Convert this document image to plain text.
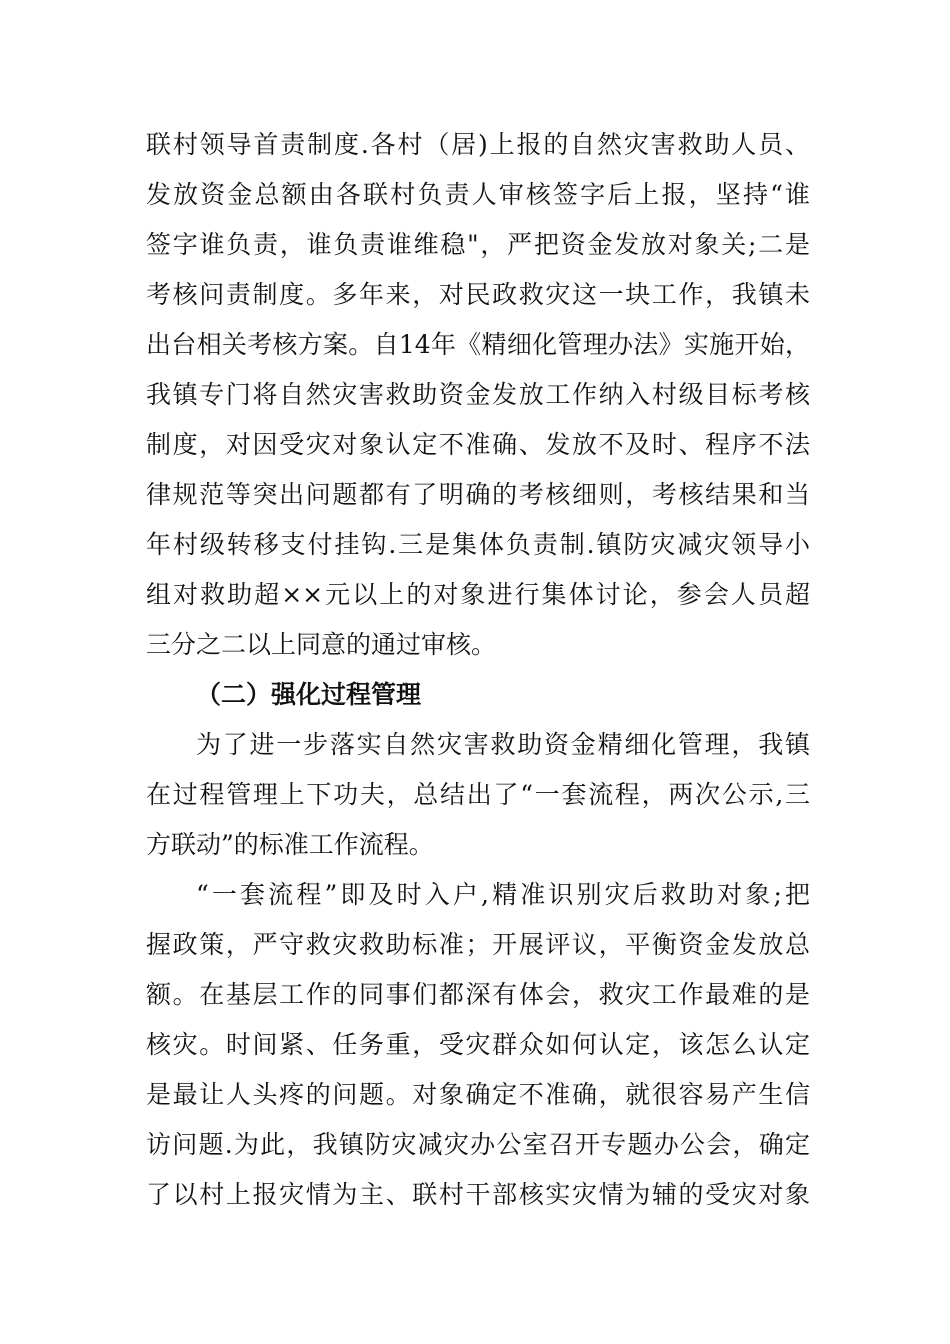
联村领导首责制度.各村（居)上报的自然灾害救助人员、
发放资金总额由各联村负责人审核签字后上报，坚持“谁
签字谁负责，谁负责谁维稳"，严把资金发放对象关;二是
考核问责制度。多年来，对民政救灾这一块工作，我镇未
出台相关考核方案。自14年《精细化管理办法》实施开始，
我镇专门将自然灾害救助资金发放工作纳入村级目标考核
制度，对因受灾对象认定不准确、发放不及时、程序不法
律规范等突出问题都有了明确的考核细则，考核结果和当
年村级转移支付挂钩.三是集体负责制.镇防灾减灾领导小
组对救助超××元以上的对象进行集体讨论，参会人员超
三分之二以上同意的通过审核。
（二）强化过程管理
为了进一步落实自然灾害救助资金精细化管理，我镇
在过程管理上下功夫，总结出了“一套流程，两次公示,三
方联动”的标准工作流程。
“一套流程”即及时入户,精准识别灾后救助对象;把
握政策，严守救灾救助标准；开展评议，平衡资金发放总
额。在基层工作的同事们都深有体会，救灾工作最难的是
核灾。时间紧、任务重，受灾群众如何认定，该怎么认定
是最让人头疼的问题。对象确定不准确，就很容易产生信
访问题.为此，我镇防灾减灾办公室召开专题办公会，确定
了以村上报灾情为主、联村干部核实灾情为辅的受灾对象
